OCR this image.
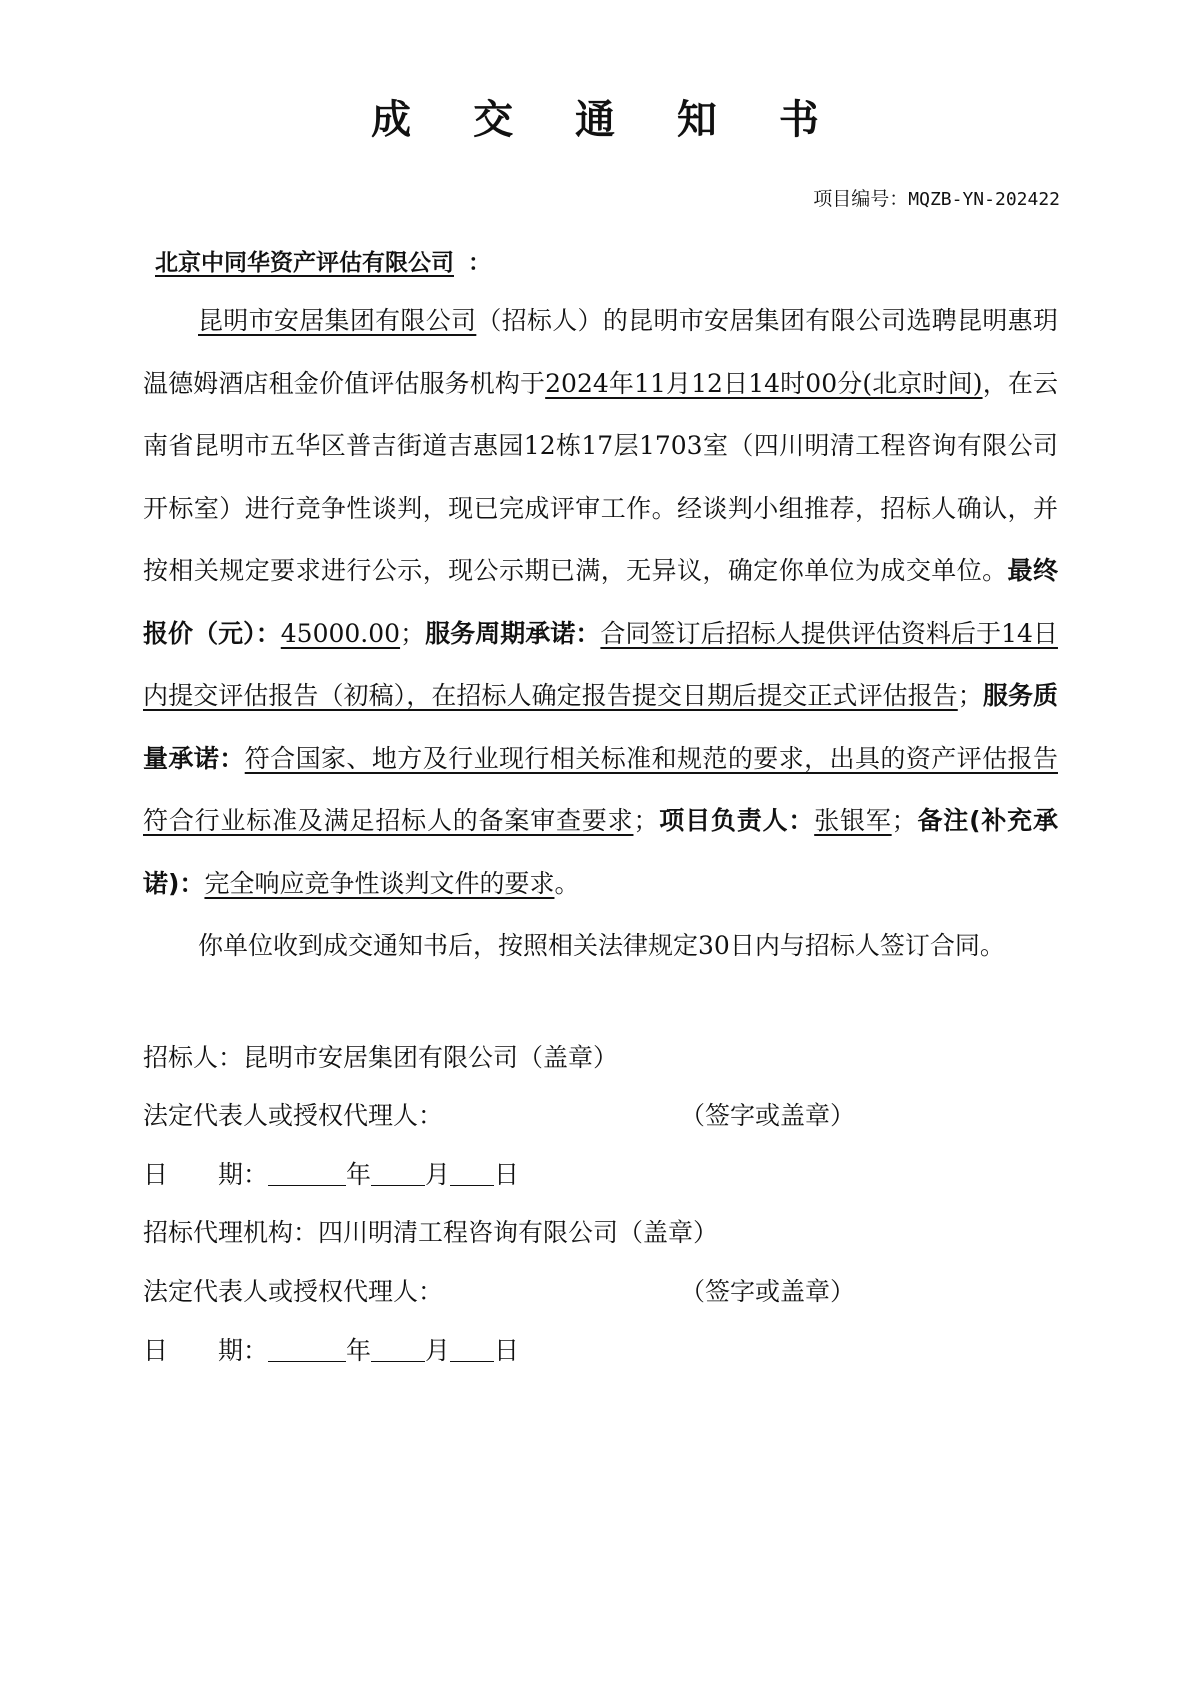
成 交 通 知 书
项目编号：MQZB-YN-202422
北京中同华资产评估有限公司 ：

昆明市安居集团有限公司（招标人）的昆明市安居集团有限公司选聘昆明惠玥温德姆酒店租金价值评估服务机构于2024年11月12日14时00分(北京时间)，在云南省昆明市五华区普吉街道吉惠园12栋17层1703室（四川明清工程咨询有限公司开标室）进行竞争性谈判，现已完成评审工作。经谈判小组推荐，招标人确认，并按相关规定要求进行公示，现公示期已满，无异议，确定你单位为成交单位。最终报价（元）：45000.00；服务周期承诺：合同签订后招标人提供评估资料后于14日内提交评估报告（初稿），在招标人确定报告提交日期后提交正式评估报告；服务质量承诺：符合国家、地方及行业现行相关标准和规范的要求，出具的资产评估报告符合行业标准及满足招标人的备案审查要求；项目负责人：张银军；备注(补充承诺)：完全响应竞争性谈判文件的要求。

你单位收到成交通知书后，按照相关法律规定30日内与招标人签订合同。

招标人：昆明市安居集团有限公司（盖章）
法定代表人或授权代理人：	（签字或盖章）
日　　期：	年 月 日
招标代理机构：四川明清工程咨询有限公司（盖章）
法定代表人或授权代理人：	（签字或盖章）
日　　期：	年 月 日
